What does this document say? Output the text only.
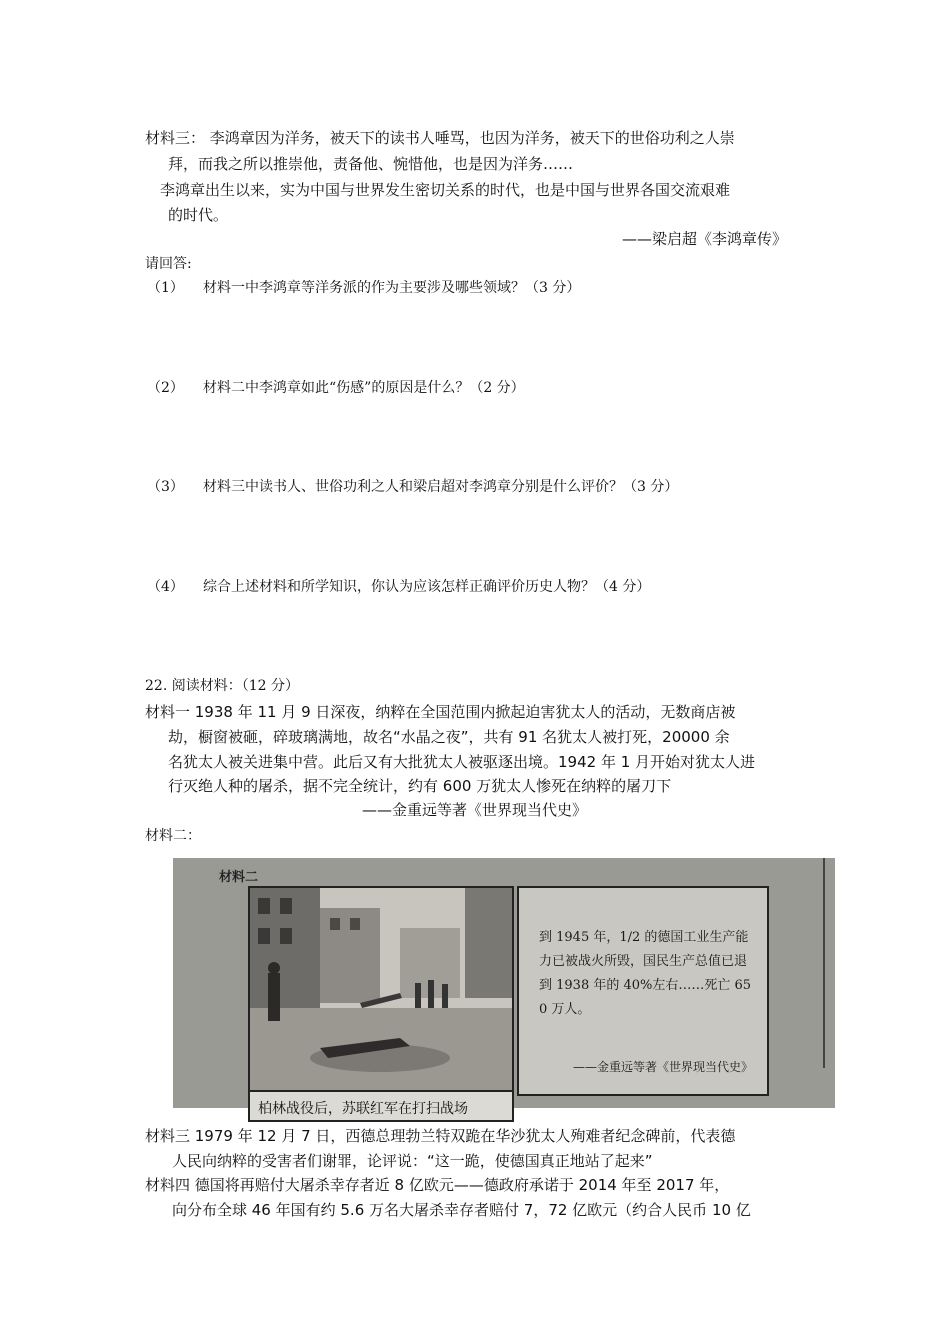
材料三： 李鸿章因为洋务，被天下的读书人唾骂，也因为洋务，被天下的世俗功利之人崇
拜，而我之所以推崇他，责备他、惋惜他，也是因为洋务……
李鸿章出生以来，实为中国与世界发生密切关系的时代，也是中国与世界各国交流艰难
的时代。
——梁启超《李鸿章传》
请回答:
（1） 材料一中李鸿章等洋务派的作为主要涉及哪些领域？（3 分）
（2） 材料二中李鸿章如此“伤感”的原因是什么？（2 分）
（3） 材料三中读书人、世俗功利之人和梁启超对李鸿章分别是什么评价？（3 分）
（4） 综合上述材料和所学知识，你认为应该怎样正确评价历史人物？（4 分）
22. 阅读材料：（12 分）
材料一 1938 年 11 月 9 日深夜，纳粹在全国范围内掀起迫害犹太人的活动，无数商店被
劫，橱窗被砸，碎玻璃满地，故名“水晶之夜”，共有 91 名犹太人被打死，20000 余
名犹太人被关进集中营。此后又有大批犹太人被驱逐出境。1942 年 1 月开始对犹太人进
行灭绝人种的屠杀，据不完全统计，约有 600 万犹太人惨死在纳粹的屠刀下
——金重远等著《世界现当代史》
材料二：
材料二
柏林战役后，苏联红军在打扫战场
到 1945 年，1/2 的德国工业生产能力已被战火所毁，国民生产总值已退到 1938 年的 40%左右……死亡 650 万人。
——金重远等著《世界现当代史》
材料三 1979 年 12 月 7 日，西德总理勃兰特双跪在华沙犹太人殉难者纪念碑前，代表德
人民向纳粹的受害者们谢罪，论评说：“这一跪，使德国真正地站了起来”
材料四 德国将再赔付大屠杀幸存者近 8 亿欧元——德政府承诺于 2014 年至 2017 年，
向分布全球 46 年国有约 5.6 万名大屠杀幸存者赔付 7，72 亿欧元（约合人民币 10 亿
